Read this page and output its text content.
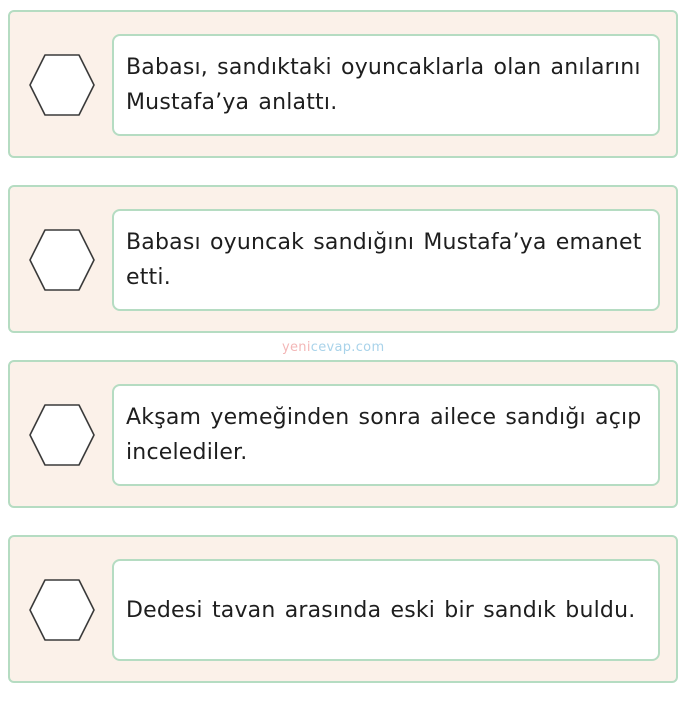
Babası, sandıktaki oyuncaklarla olan anılarını Mustafa’ya anlattı.
Babası oyuncak sandığını Mustafa’ya emanet etti.
yenicevap.com
Akşam yemeğinden sonra ailece sandığı açıp incelediler.
Dedesi tavan arasında eski bir sandık buldu.
